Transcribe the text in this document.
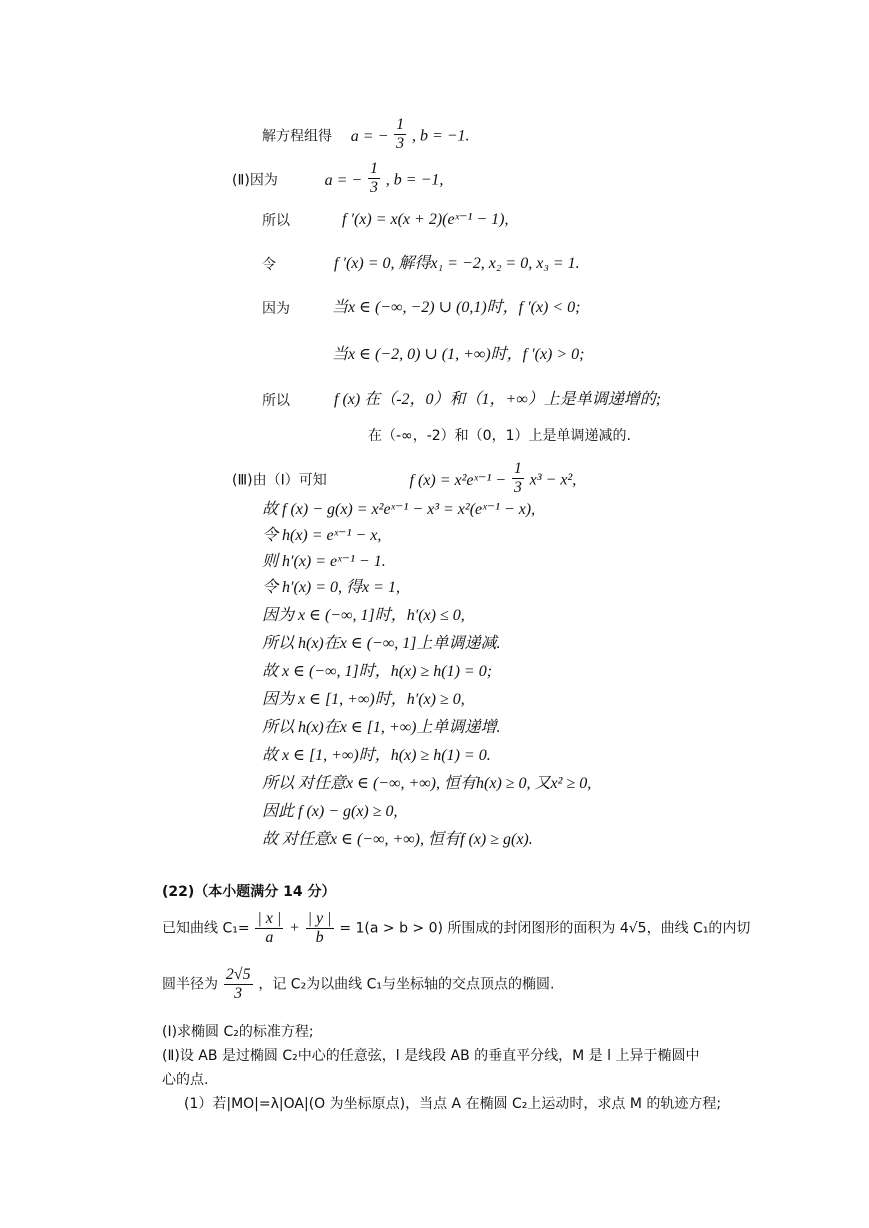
解方程组得 a = − $\frac{1}{3}$ , b = −1.
(Ⅱ)因为	a = − $\frac{1}{3}$ , b = −1,
所以	f ′(x) = x(x + 2)(eˣ⁻¹ − 1),
令	f ′(x) = 0, 解得x₁ = −2, x₂ = 0, x₃ = 1.
因为	当x ∈ (−∞, −2) ∪ (0,1)时，f ′(x) < 0;
当x ∈ (−2, 0) ∪ (1, +∞)时，f ′(x) > 0;
所以	f (x) 在（-2，0）和（1，+∞）上是单调递增的;
在（-∞，-2）和（0，1）上是单调递减的.
(Ⅲ)由（Ⅰ）可知	f (x) = x²eˣ⁻¹ − $\frac{1}{3} x^3 - x^2$,
故 f (x) − g(x) = x²eˣ⁻¹ − x³ = x²(eˣ⁻¹ − x),
令 h(x) = eˣ⁻¹ − x,
则 h′(x) = eˣ⁻¹ − 1.
令 h′(x) = 0, 得x = 1,
因为 x ∈ (−∞, 1]时，h′(x) ≤ 0,
所以 h(x)在x ∈ (−∞, 1]上单调递减.
故 x ∈ (−∞, 1]时，h(x) ≥ h(1) = 0;
因为 x ∈ [1, +∞)时，h′(x) ≥ 0,
所以 h(x)在x ∈ [1, +∞)上单调递增.
故 x ∈ [1, +∞)时，h(x) ≥ h(1) = 0.
所以 对任意x ∈ (−∞, +∞), 恒有h(x) ≥ 0, 又x² ≥ 0,
因此 f (x) − g(x) ≥ 0,
故 对任意x ∈ (−∞, +∞), 恒有f (x) ≥ g(x).
(22)（本小题满分 14 分）
已知曲线 $C_1= \frac{| x |}{a} + \frac{| y |}{b} = 1(a > b > 0)$ 所围成的封闭图形的面积为 4√5，曲线 C₁的内切
圆半径为 $\frac{2√5}{3}$ ，记 C₂为以曲线 C₁与坐标轴的交点顶点的椭圆.
(Ⅰ)求椭圆 C₂的标准方程;
(Ⅱ)设 AB 是过椭圆 C₂中心的任意弦，l 是线段 AB 的垂直平分线，M 是 l 上异于椭圆中
心的点.
(1）若|MO|=λ|OA|(O 为坐标原点)，当点 A 在椭圆 C₂上运动时，求点 M 的轨迹方程;
